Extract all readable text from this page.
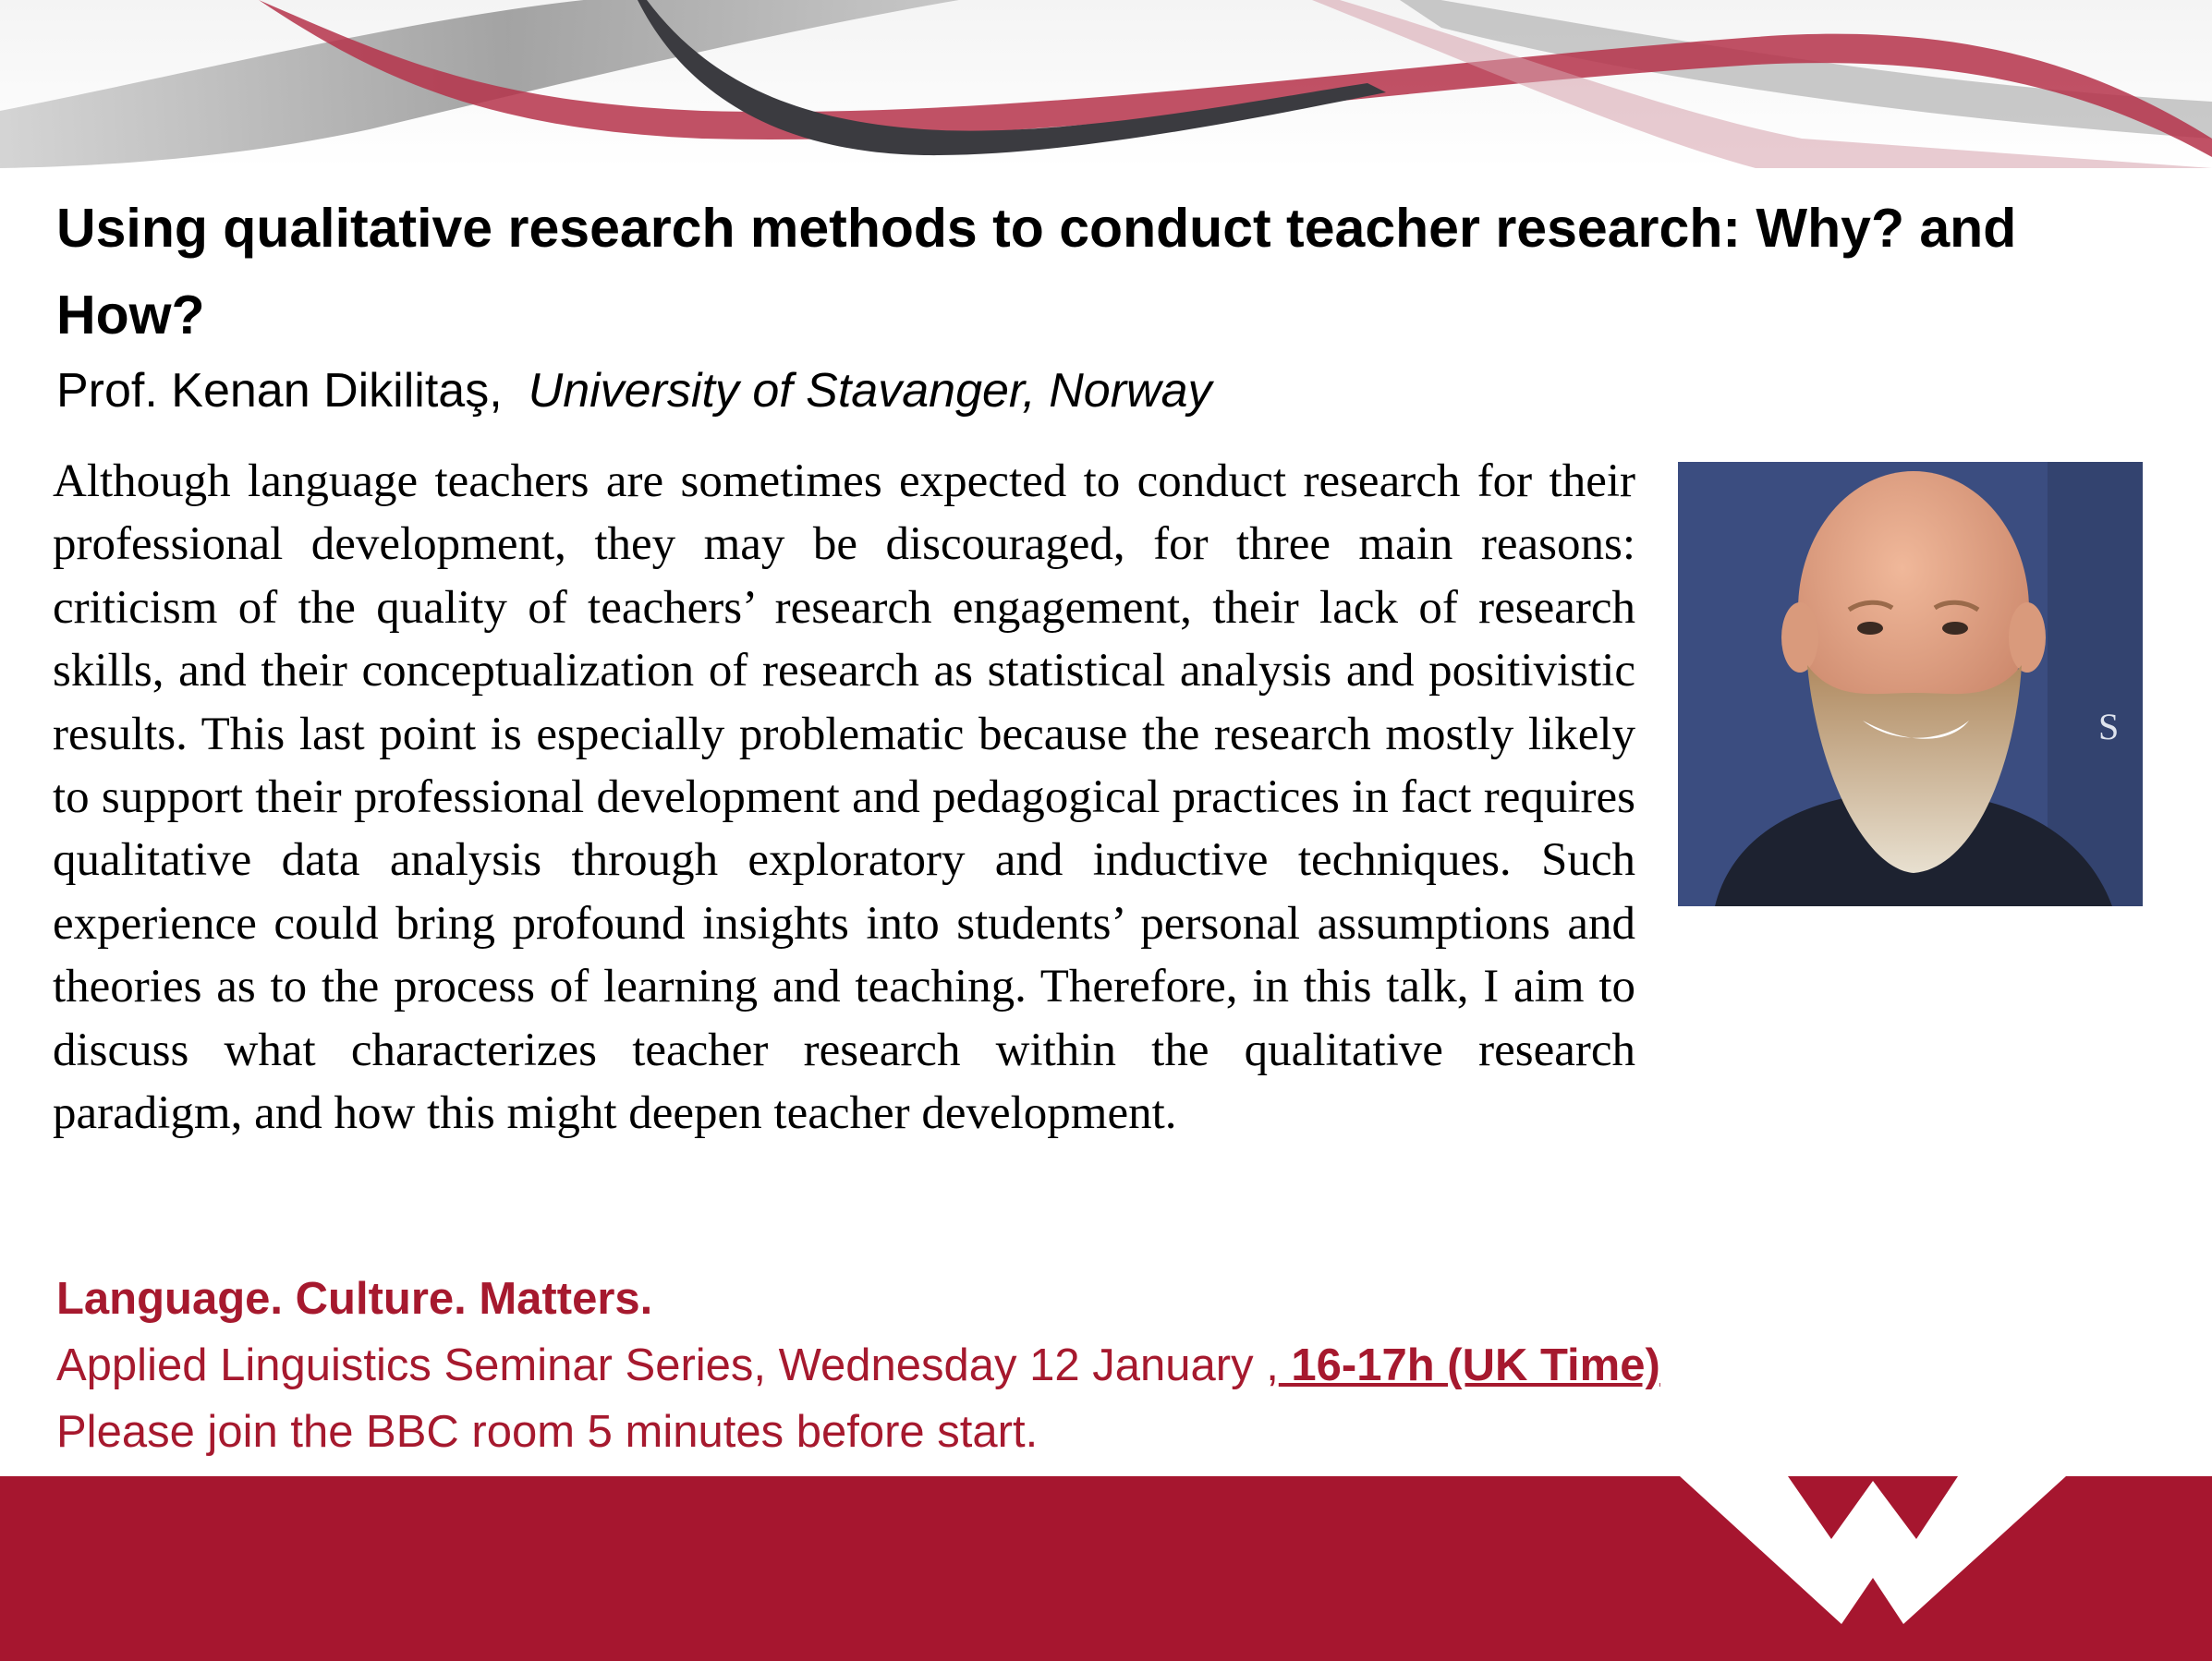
Using qualitative research methods to conduct teacher research: Why? and How?

Prof. Kenan Dikilitaş, University of Stavanger, Norway

Although language teachers are sometimes expected to conduct research for their professional development, they may be discouraged, for three main reasons: criticism of the quality of teachers’ research engagement, their lack of research skills, and their conceptualization of research as statistical analysis and positivistic results. This last point is especially problematic because the research mostly likely to support their professional development and pedagogical practices in fact requires qualitative data analysis through exploratory and inductive techniques. Such experience could bring profound insights into students’ personal assumptions and theories as to the process of learning and teaching. Therefore, in this talk, I aim to discuss what characterizes teacher research within the qualitative research paradigm, and how this might deepen teacher development.

S
Language. Culture. Matters.
Applied Linguistics Seminar Series, Wednesday 12 January , 16-17h (UK Time)
Please join the BBC room 5 minutes before start.
